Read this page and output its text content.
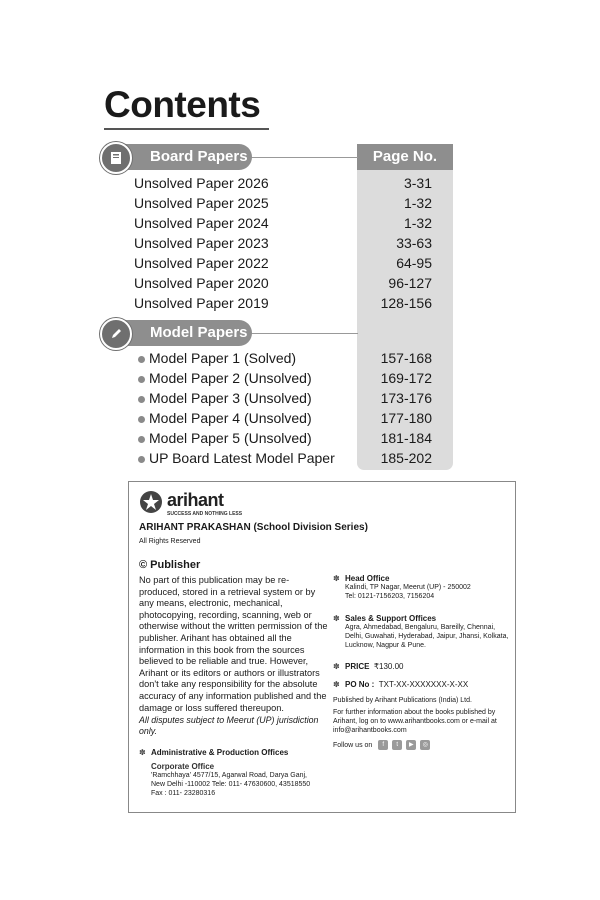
Contents
Page No.
Board Papers
Unsolved Paper 2026	3-31
Unsolved Paper 2025	1-32
Unsolved Paper 2024	1-32
Unsolved Paper 2023	33-63
Unsolved Paper 2022	64-95
Unsolved Paper 2020	96-127
Unsolved Paper 2019	128-156
Model Papers
Model Paper 1 (Solved)	157-168
Model Paper 2 (Unsolved)	169-172
Model Paper 3 (Unsolved)	173-176
Model Paper 4 (Unsolved)	177-180
Model Paper 5 (Unsolved)	181-184
UP Board Latest Model Paper	185-202
arihant
SUCCESS AND NOTHING LESS
ARIHANT PRAKASHAN (School Division Series)
All Rights Reserved
© Publisher

No part of this publication may be re-produced, stored in a retrieval system or by any means, electronic, mechanical, photocopying, recording, scanning, web or otherwise without the written permission of the publisher. Arihant has obtained all the information in this book from the sources believed to be reliable and true. However, Arihant or its editors or authors or illustrators don't take any responsibility for the absolute accuracy of any information published and the damage or loss suffered thereupon.

All disputes subject to Meerut (UP) jurisdiction only.

✽ Head Office
Kalindi, TP Nagar, Meerut (UP) - 250002
Tel: 0121-7156203, 7156204
✽ Sales & Support Offices
Agra, Ahmedabad, Bengaluru, Bareilly, Chennai, Delhi, Guwahati, Hyderabad, Jaipur, Jhansi, Kolkata, Lucknow, Nagpur & Pune.
✽ PRICE ₹130.00
✽ PO No : TXT-XX-XXXXXXX-X-XX
Published by Arihant Publications (India) Ltd.
For further information about the books published by Arihant, log on to www.arihantbooks.com or e-mail at info@arihantbooks.com
Follow us on	f	t	▶	◎
✽ Administrative & Production Offices
Corporate Office
'Ramchhaya' 4577/15, Agarwal Road, Darya Ganj,
New Delhi -110002 Tele: 011- 47630600, 43518550
Fax : 011- 23280316
